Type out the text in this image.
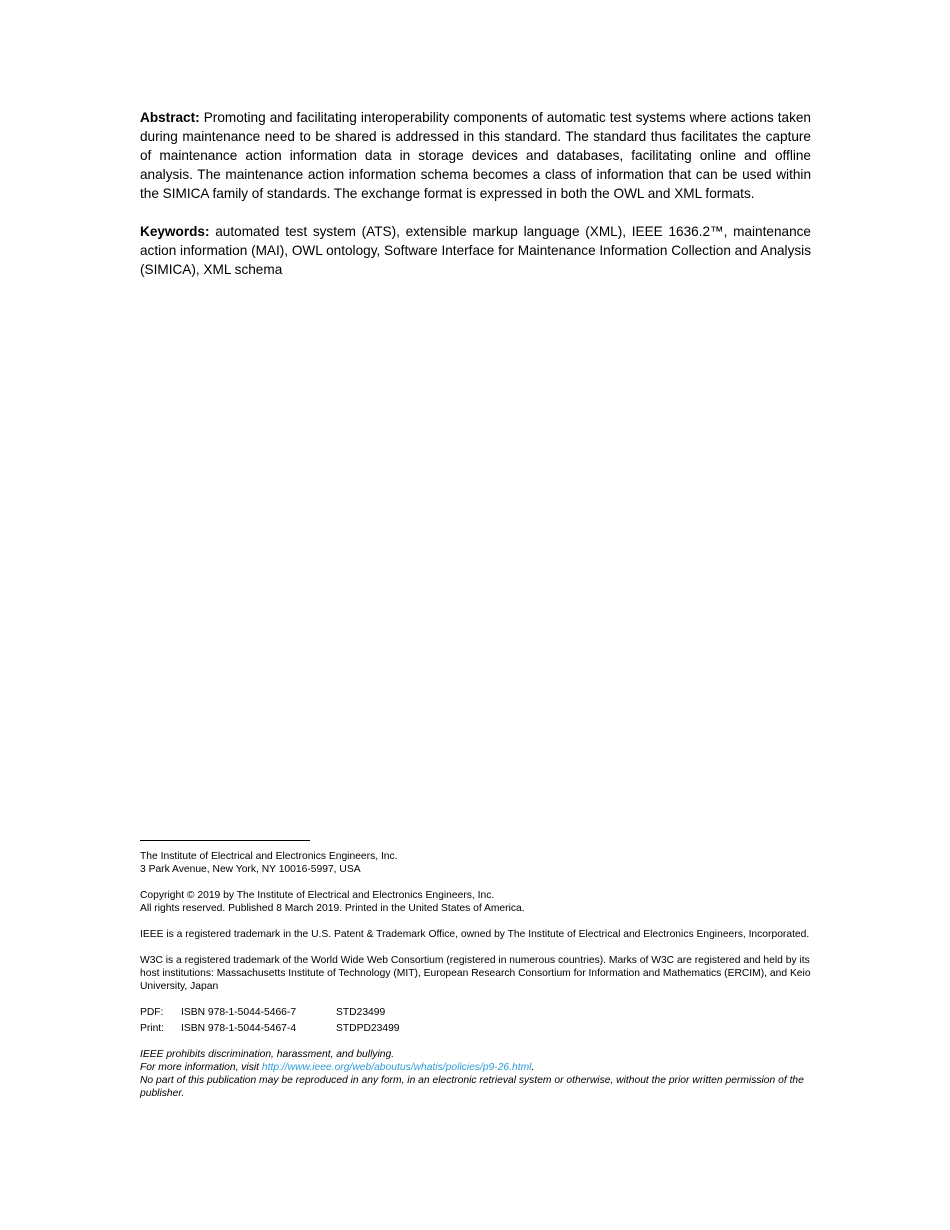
Abstract: Promoting and facilitating interoperability components of automatic test systems where actions taken during maintenance need to be shared is addressed in this standard. The standard thus facilitates the capture of maintenance action information data in storage devices and databases, facilitating online and offline analysis. The maintenance action information schema becomes a class of information that can be used within the SIMICA family of standards. The exchange format is expressed in both the OWL and XML formats.

Keywords: automated test system (ATS), extensible markup language (XML), IEEE 1636.2™, maintenance action information (MAI), OWL ontology, Software Interface for Maintenance Information Collection and Analysis (SIMICA), XML schema

The Institute of Electrical and Electronics Engineers, Inc.
3 Park Avenue, New York, NY 10016-5997, USA
Copyright © 2019 by The Institute of Electrical and Electronics Engineers, Inc.
All rights reserved. Published 8 March 2019. Printed in the United States of America.
IEEE is a registered trademark in the U.S. Patent & Trademark Office, owned by The Institute of Electrical and Electronics Engineers, Incorporated.
W3C is a registered trademark of the World Wide Web Consortium (registered in numerous countries). Marks of W3C are registered and held by its host institutions: Massachusetts Institute of Technology (MIT), European Research Consortium for Information and Mathematics (ERCIM), and Keio University, Japan
PDF:	ISBN 978-1-5044-5466-7	STD23499
Print:	ISBN 978-1-5044-5467-4	STDPD23499
IEEE prohibits discrimination, harassment, and bullying.
For more information, visit http://www.ieee.org/web/aboutus/whatis/policies/p9-26.html.
No part of this publication may be reproduced in any form, in an electronic retrieval system or otherwise, without the prior written permission of the publisher.
